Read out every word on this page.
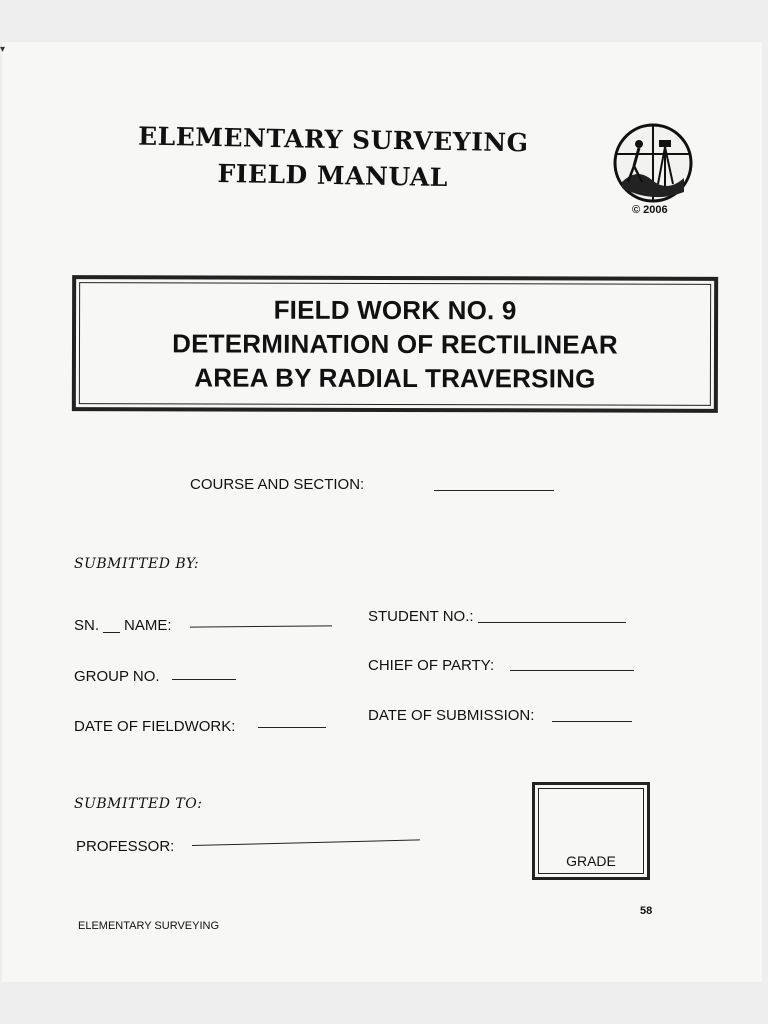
▾
ELEMENTARY SURVEYING
FIELD MANUAL
© 2006
FIELD WORK NO. 9
DETERMINATION OF RECTILINEAR
AREA BY RADIAL TRAVERSING
COURSE AND SECTION:
SUBMITTED BY:
SN. __ NAME:
STUDENT NO.:
GROUP NO.
CHIEF OF PARTY:
DATE OF FIELDWORK:
DATE OF SUBMISSION:
SUBMITTED TO:
PROFESSOR:
GRADE
58
ELEMENTARY SURVEYING
